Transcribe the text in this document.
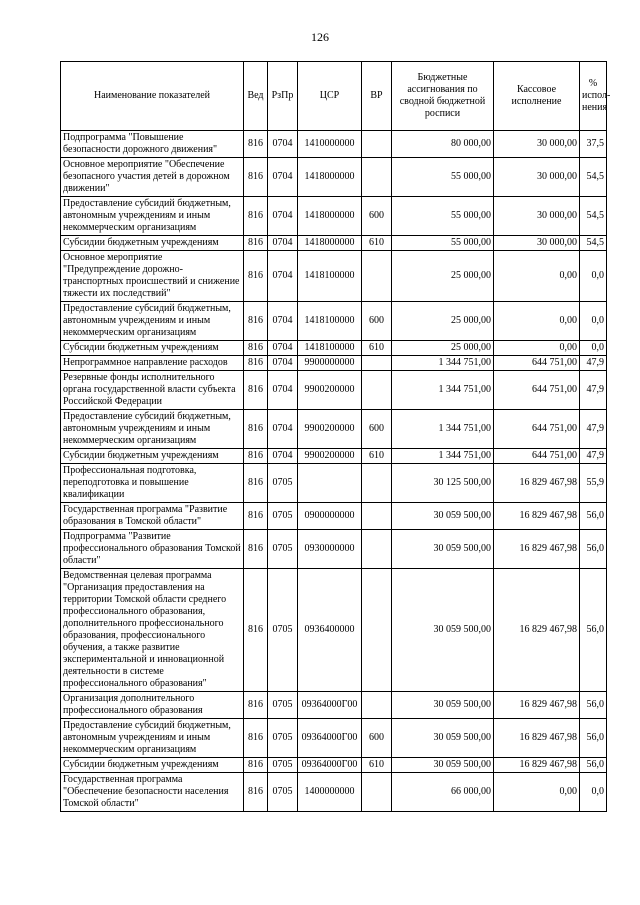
126
Наименование показателей	Вед	РзПр	ЦСР	ВР	Бюджетные ассигнования по сводной бюджетной росписи	Кассовое исполнение	% испол-нения
Подпрограмма "Повышение безопасности дорожного движения"	816	0704	1410000000		80 000,00	30 000,00	37,5
Основное мероприятие "Обеспечение безопасного участия детей в дорожном движении"	816	0704	1418000000		55 000,00	30 000,00	54,5
Предоставление субсидий бюджетным, автономным учреждениям и иным некоммерческим организациям	816	0704	1418000000	600	55 000,00	30 000,00	54,5
Субсидии бюджетным учреждениям	816	0704	1418000000	610	55 000,00	30 000,00	54,5
Основное мероприятие "Предупреждение дорожно-транспортных происшествий и снижение тяжести их последствий"	816	0704	1418100000		25 000,00	0,00	0,0
Предоставление субсидий бюджетным, автономным учреждениям и иным некоммерческим организациям	816	0704	1418100000	600	25 000,00	0,00	0,0
Субсидии бюджетным учреждениям	816	0704	1418100000	610	25 000,00	0,00	0,0
Непрограммное направление расходов	816	0704	9900000000		1 344 751,00	644 751,00	47,9
Резервные фонды исполнительного органа государственной власти субъекта Российской Федерации	816	0704	9900200000		1 344 751,00	644 751,00	47,9
Предоставление субсидий бюджетным, автономным учреждениям и иным некоммерческим организациям	816	0704	9900200000	600	1 344 751,00	644 751,00	47,9
Субсидии бюджетным учреждениям	816	0704	9900200000	610	1 344 751,00	644 751,00	47,9
Профессиональная подготовка, переподготовка и повышение квалификации	816	0705			30 125 500,00	16 829 467,98	55,9
Государственная программа "Развитие образования в Томской области"	816	0705	0900000000		30 059 500,00	16 829 467,98	56,0
Подпрограмма "Развитие профессионального образования Томской области"	816	0705	0930000000		30 059 500,00	16 829 467,98	56,0
Ведомственная целевая программа "Организация предоставления на территории Томской области среднего профессионального образования, дополнительного профессионального образования, профессионального обучения, а также развитие экспериментальной и инновационной деятельности в системе профессионального образования"	816	0705	0936400000		30 059 500,00	16 829 467,98	56,0
Организация дополнительного профессионального образования	816	0705	09364000Г00		30 059 500,00	16 829 467,98	56,0
Предоставление субсидий бюджетным, автономным учреждениям и иным некоммерческим организациям	816	0705	09364000Г00	600	30 059 500,00	16 829 467,98	56,0
Субсидии бюджетным учреждениям	816	0705	09364000Г00	610	30 059 500,00	16 829 467,98	56,0
Государственная программа "Обеспечение безопасности населения Томской области"	816	0705	1400000000		66 000,00	0,00	0,0
